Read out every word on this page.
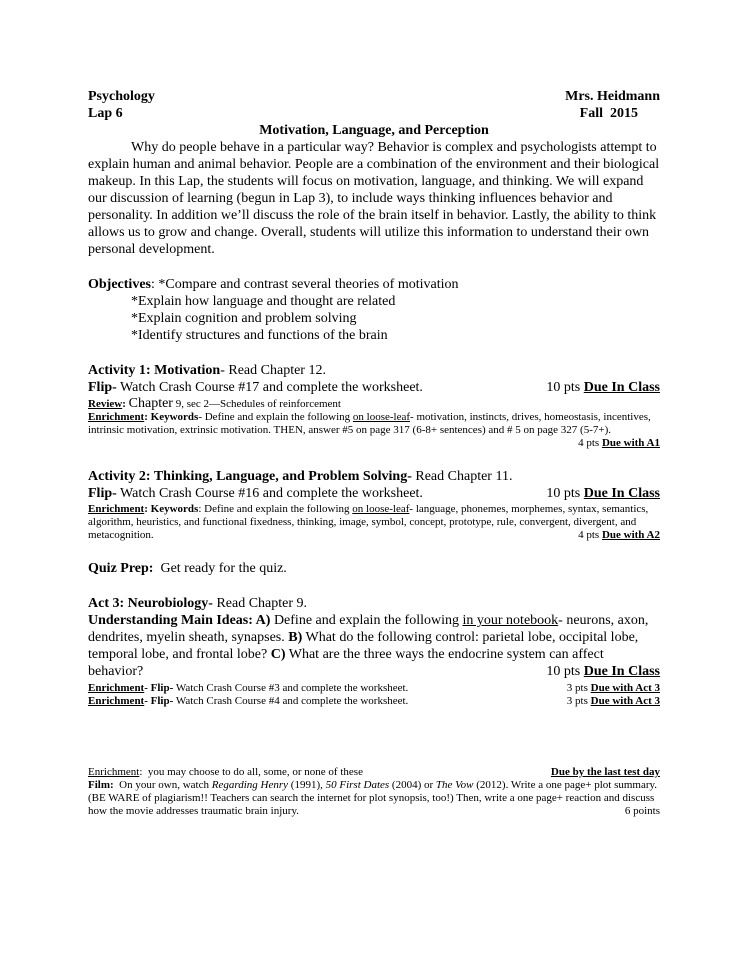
Psychology	Mrs. Heidmann
Lap 6	Fall  2015
Motivation, Language, and Perception

Why do people behave in a particular way? Behavior is complex and psychologists attempt to explain human and animal behavior. People are a combination of the environment and their biological makeup. In this Lap, the students will focus on motivation, language, and thinking. We will expand our discussion of learning (begun in Lap 3), to include ways thinking influences behavior and personality. In addition we’ll discuss the role of the brain itself in behavior. Lastly, the ability to think allows us to grow and change. Overall, students will utilize this information to understand their own personal development.

Objectives: *Compare and contrast several theories of motivation
*Explain how language and thought are related
*Explain cognition and problem solving
*Identify structures and functions of the brain
Activity 1: Motivation- Read Chapter 12.
Flip- Watch Crash Course #17 and complete the worksheet.	10 pts Due In Class
Review: Chapter 9, sec 2—Schedules of reinforcement
Enrichment: Keywords- Define and explain the following on loose-leaf- motivation, instincts, drives, homeostasis, incentives, intrinsic motivation, extrinsic motivation. THEN, answer #5 on page 317 (6-8+ sentences) and # 5 on page 327 (5-7+).
4 pts Due with A1
Activity 2: Thinking, Language, and Problem Solving- Read Chapter 11.
Flip- Watch Crash Course #16 and complete the worksheet.	10 pts Due In Class
Enrichment: Keywords: Define and explain the following on loose-leaf- language, phonemes, morphemes, syntax, semantics, algorithm, heuristics, and functional fixedness, thinking, image, symbol, concept, prototype, rule, convergent, divergent, and metacognition.	4 pts Due with A2
Quiz Prep:  Get ready for the quiz.
Act 3: Neurobiology- Read Chapter 9.
Understanding Main Ideas: A) Define and explain the following in your notebook- neurons, axon, dendrites, myelin sheath, synapses. B) What do the following control: parietal lobe, occipital lobe, temporal lobe, and frontal lobe? C) What are the three ways the endocrine system can affect behavior?	10 pts Due In Class
Enrichment- Flip- Watch Crash Course #3 and complete the worksheet.	3 pts Due with Act 3
Enrichment- Flip- Watch Crash Course #4 and complete the worksheet.	3 pts Due with Act 3
Enrichment:  you may choose to do all, some, or none of these	Due by the last test day
Film:  On your own, watch Regarding Henry (1991), 50 First Dates (2004) or The Vow (2012). Write a one page+ plot summary. (BE WARE of plagiarism!! Teachers can search the internet for plot synopsis, too!) Then, write a one page+ reaction and discuss how the movie addresses traumatic brain injury.	6 points
